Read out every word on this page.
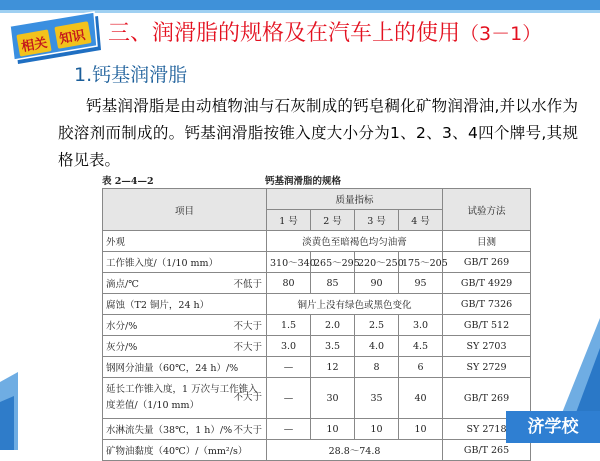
相关 知识 三、润滑脂的规格及在汽车上的使用（3－1）
1.钙基润滑脂
钙基润滑脂是由动植物油与石灰制成的钙皂稠化矿物润滑油,并以水作为胶溶剂而制成的。钙基润滑脂按锥入度大小分为1、2、3、4四个牌号,其规格见表。
表 2—4—2	钙基润滑脂的规格
项目	质量指标				试验方法
	1 号	2 号	3 号	4 号	
外观	淡黄色至暗褐色均匀油膏				目测
工作锥入度/（1/10 mm）	310～340	265～295	220～250	175～205	GB/T 269
滴点/℃ 不低于	80	85	90	95	GB/T 4929
腐蚀（T2 铜片，24 h）	铜片上没有绿色或黑色变化				GB/T 7326
水分/% 不大于	1.5	2.0	2.5	3.0	GB/T 512
灰分/% 不大于	3.0	3.5	4.0	4.5	SY 2703
钢网分油量（60℃，24 h）/%	—	12	8	6	SY 2729
延长工作锥入度，1 万次与工作锥入度差值/（1/10 mm）
不大于	—	30	35	40	GB/T 269
水淋流失量（38℃，1 h）/% 不大于	—	10	10	10	SY 2718
矿物油黏度（40℃）/（mm²/s）	28.8～74.8				GB/T 265
济学校
